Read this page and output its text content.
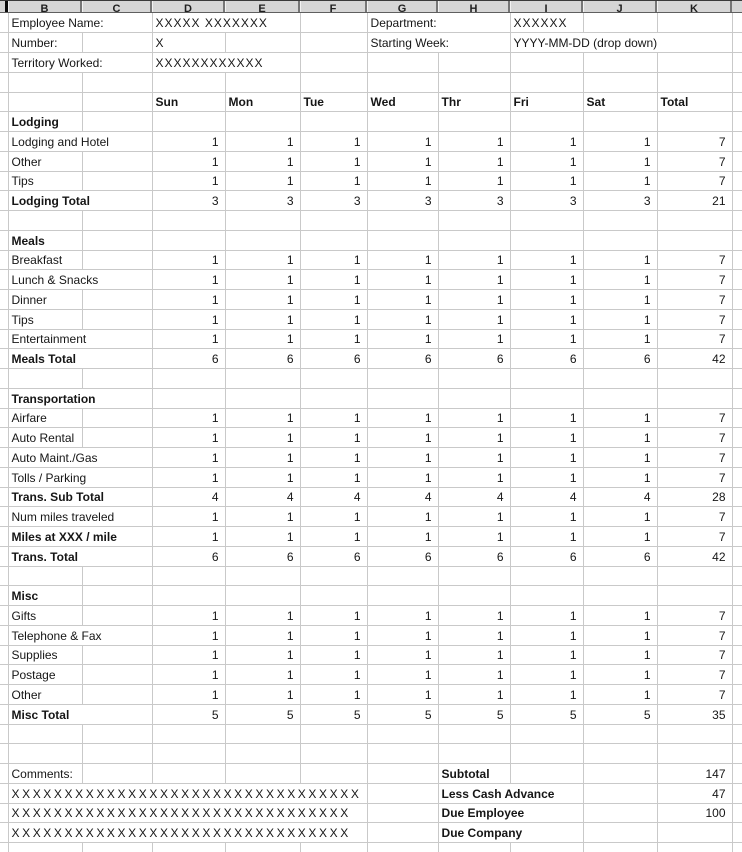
B	C	D	E	F	G	H	I	J	K
	Employee Name:		XXXXX XXXXXXX			Department:		XXXXXX			
	Number:		X			Starting Week:		YYYY-MM-DD (drop down)			
	Territory Worked:		XXXXXXXXXXXX								

			Sun	Mon	Tue	Wed	Thr	Fri	Sat	Total	
	Lodging										
	Lodging and Hotel		1	1	1	1	1	1	1	7	
	Other		1	1	1	1	1	1	1	7	
	Tips		1	1	1	1	1	1	1	7	
	Lodging Total		3	3	3	3	3	3	3	21	

	Meals										
	Breakfast		1	1	1	1	1	1	1	7	
	Lunch & Snacks		1	1	1	1	1	1	1	7	
	Dinner		1	1	1	1	1	1	1	7	
	Tips		1	1	1	1	1	1	1	7	
	Entertainment		1	1	1	1	1	1	1	7	
	Meals Total		6	6	6	6	6	6	6	42	

	Transportation										
	Airfare		1	1	1	1	1	1	1	7	
	Auto Rental		1	1	1	1	1	1	1	7	
	Auto Maint./Gas		1	1	1	1	1	1	1	7	
	Tolls / Parking		1	1	1	1	1	1	1	7	
	Trans. Sub Total		4	4	4	4	4	4	4	28	
	Num miles traveled		1	1	1	1	1	1	1	7	
	Miles at XXX / mile		1	1	1	1	1	1	1	7	
	Trans. Total		6	6	6	6	6	6	6	42	

	Misc										
	Gifts		1	1	1	1	1	1	1	7	
	Telephone & Fax		1	1	1	1	1	1	1	7	
	Supplies		1	1	1	1	1	1	1	7	
	Postage		1	1	1	1	1	1	1	7	
	Other		1	1	1	1	1	1	1	7	
	Misc Total		5	5	5	5	5	5	5	35	

	Comments:						Subtotal			147	
	XXXXXXXXXXXXXXXXXXXXXXXXXXXXXXXXX						Less Cash Advance			47	
	XXXXXXXXXXXXXXXXXXXXXXXXXXXXXXXX						Due Employee			100	
	XXXXXXXXXXXXXXXXXXXXXXXXXXXXXXXX						Due Company				
